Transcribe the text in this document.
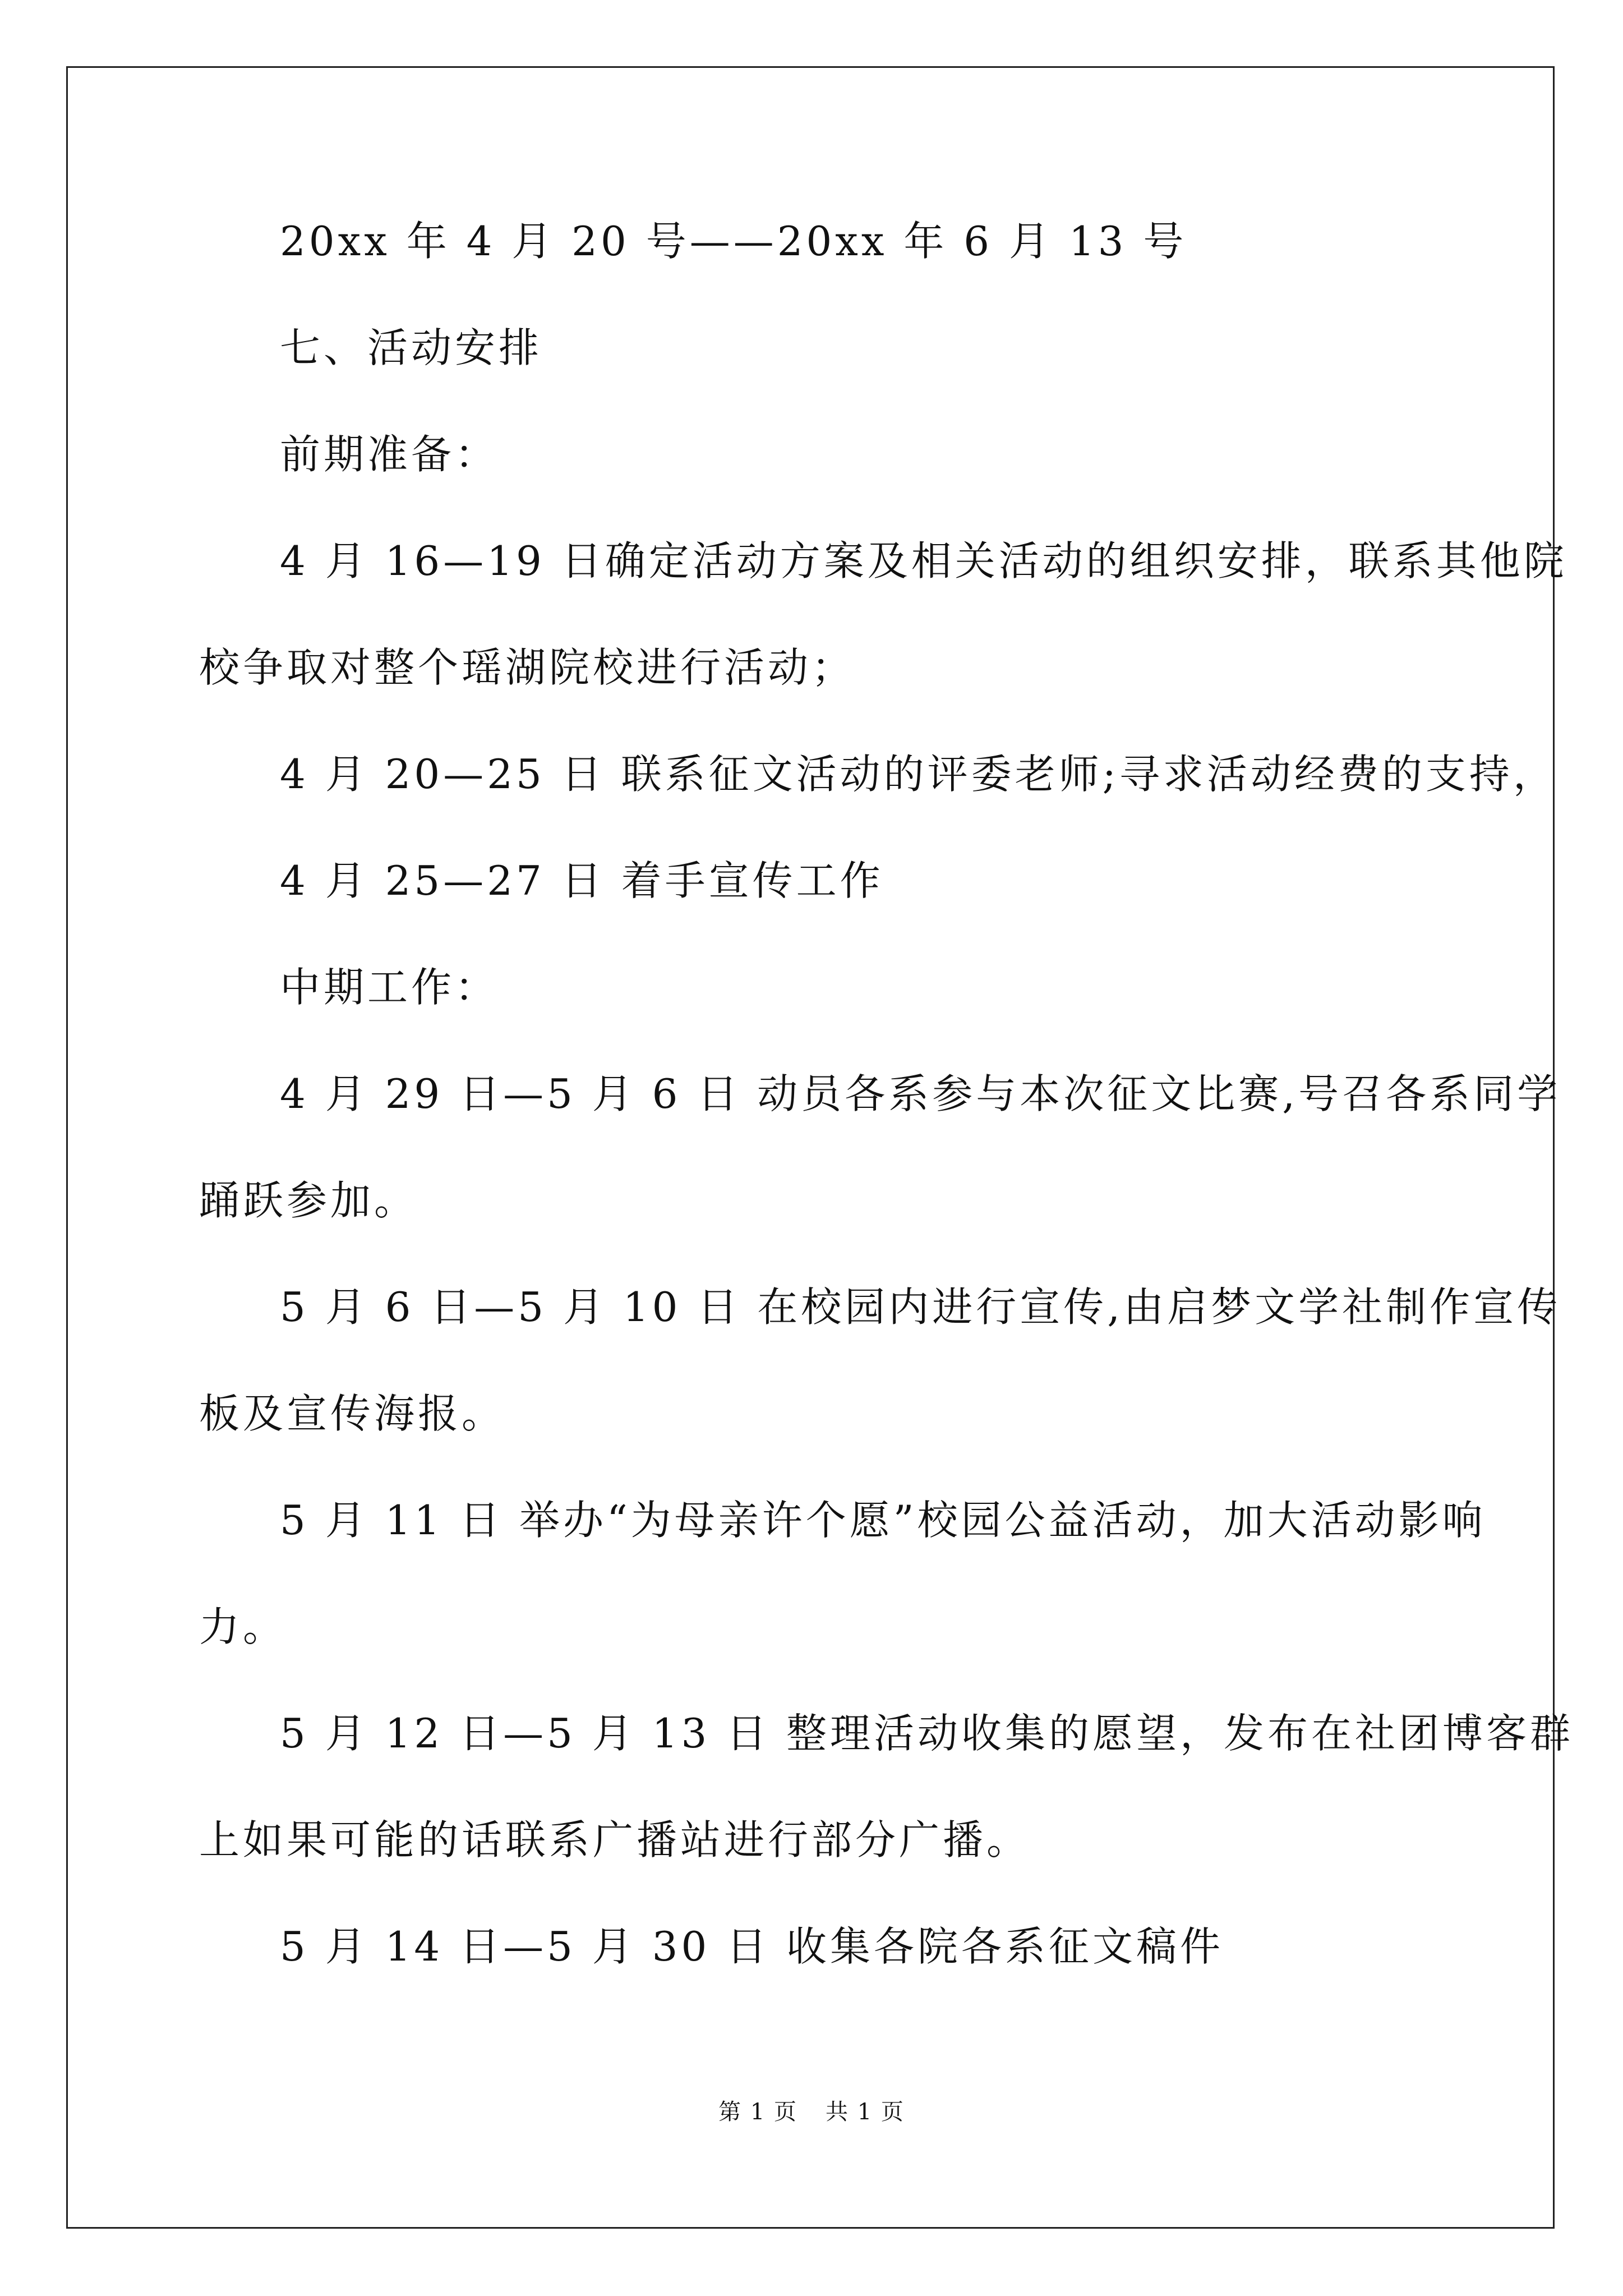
20xx 年 4 月 20 号——20xx 年 6 月 13 号

七、活动安排

前期准备：

4 月 16—19 日确定活动方案及相关活动的组织安排，联系其他院

校争取对整个瑶湖院校进行活动；

4 月 20—25 日 联系征文活动的评委老师;寻求活动经费的支持，

4 月 25—27 日 着手宣传工作

中期工作：

4 月 29 日—5 月 6 日 动员各系参与本次征文比赛,号召各系同学

踊跃参加。

5 月 6 日—5 月 10 日 在校园内进行宣传,由启梦文学社制作宣传

板及宣传海报。

5 月 11 日 举办“为母亲许个愿”校园公益活动，加大活动影响

力。

5 月 12 日—5 月 13 日 整理活动收集的愿望，发布在社团博客群

上如果可能的话联系广播站进行部分广播。

5 月 14 日—5 月 30 日 收集各院各系征文稿件

第 1 页 共 1 页
